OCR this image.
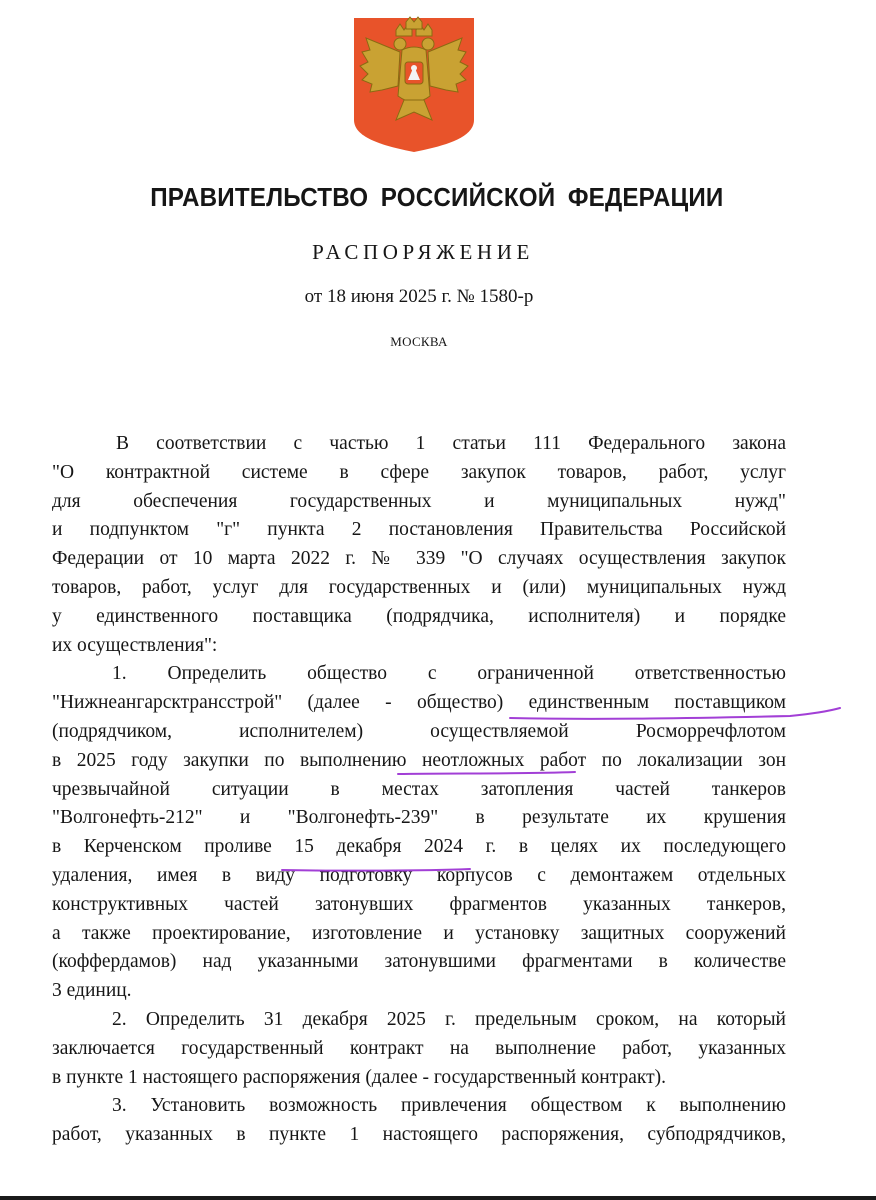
ПРАВИТЕЛЬСТВО РОССИЙСКОЙ ФЕДЕРАЦИИ
РАСПОРЯЖЕНИЕ
от 18 июня 2025 г. № 1580-р
МОСКВА
В соответствии с частью 1 статьи 111 Федерального закона
"О контрактной системе в сфере закупок товаров, работ, услуг
для обеспечения государственных и муниципальных нужд"
и подпунктом "г" пункта 2 постановления Правительства Российской
Федерации от 10 марта 2022 г. № 339 "О случаях осуществления закупок
товаров, работ, услуг для государственных и (или) муниципальных нужд
у единственного поставщика (подрядчика, исполнителя) и порядке
их осуществления":
1. Определить общество с ограниченной ответственностью
"Нижнеангарсктрансстрой" (далее - общество) единственным поставщиком
(подрядчиком, исполнителем) осуществляемой Росморречфлотом
в 2025 году закупки по выполнению неотложных работ по локализации зон
чрезвычайной ситуации в местах затопления частей танкеров
"Волгонефть-212" и "Волгонефть-239" в результате их крушения
в Керченском проливе 15 декабря 2024 г. в целях их последующего
удаления, имея в виду подготовку корпусов с демонтажем отдельных
конструктивных частей затонувших фрагментов указанных танкеров,
а также проектирование, изготовление и установку защитных сооружений
(коффердамов) над указанными затонувшими фрагментами в количестве
3 единиц.
2. Определить 31 декабря 2025 г. предельным сроком, на который
заключается государственный контракт на выполнение работ, указанных
в пункте 1 настоящего распоряжения (далее - государственный контракт).
3. Установить возможность привлечения обществом к выполнению
работ, указанных в пункте 1 настоящего распоряжения, субподрядчиков,
